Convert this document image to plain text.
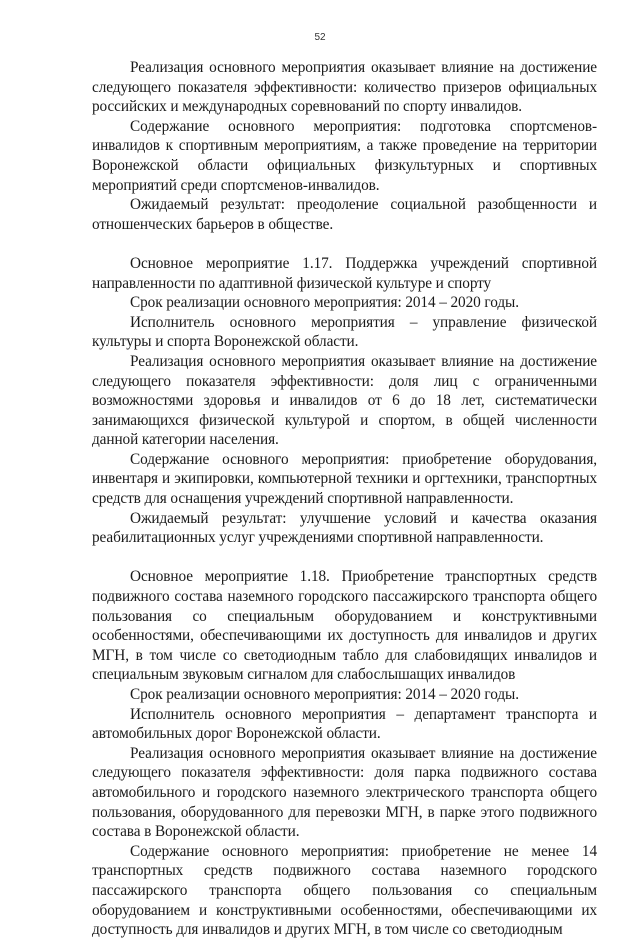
52

Реализация основного мероприятия оказывает влияние на достижение следующего показателя эффективности: количество призеров официальных российских и международных соревнований по спорту инвалидов.

Содержание основного мероприятия: подготовка спортсменов-инвалидов к спортивным мероприятиям, а также проведение на территории Воронежской области официальных физкультурных и спортивных мероприятий среди спортсменов-инвалидов.

Ожидаемый результат: преодоление социальной разобщенности и отношенческих барьеров в обществе.

Основное мероприятие 1.17. Поддержка учреждений спортивной направленности по адаптивной физической культуре и спорту

Срок реализации основного мероприятия: 2014 – 2020 годы.

Исполнитель основного мероприятия – управление физической культуры и спорта Воронежской области.

Реализация основного мероприятия оказывает влияние на достижение следующего показателя эффективности: доля лиц с ограниченными возможностями здоровья и инвалидов от 6 до 18 лет, систематически занимающихся физической культурой и спортом, в общей численности данной категории населения.

Содержание основного мероприятия: приобретение оборудования, инвентаря и экипировки, компьютерной техники и оргтехники, транспортных средств для оснащения учреждений спортивной направленности.

Ожидаемый результат: улучшение условий и качества оказания реабилитационных услуг учреждениями спортивной направленности.

Основное мероприятие 1.18. Приобретение транспортных средств подвижного состава наземного городского пассажирского транспорта общего пользования со специальным оборудованием и конструктивными особенностями, обеспечивающими их доступность для инвалидов и других МГН, в том числе со светодиодным табло для слабовидящих инвалидов и специальным звуковым сигналом для слабослышащих инвалидов

Срок реализации основного мероприятия: 2014 – 2020 годы.

Исполнитель основного мероприятия – департамент транспорта и автомобильных дорог Воронежской области.

Реализация основного мероприятия оказывает влияние на достижение следующего показателя эффективности: доля парка подвижного состава автомобильного и городского наземного электрического транспорта общего пользования, оборудованного для перевозки МГН, в парке этого подвижного состава в Воронежской области.

Содержание основного мероприятия: приобретение не менее 14 транспортных средств подвижного состава наземного городского пассажирского транспорта общего пользования со специальным оборудованием и конструктивными особенностями, обеспечивающими их доступность для инвалидов и других МГН, в том числе со светодиодным
